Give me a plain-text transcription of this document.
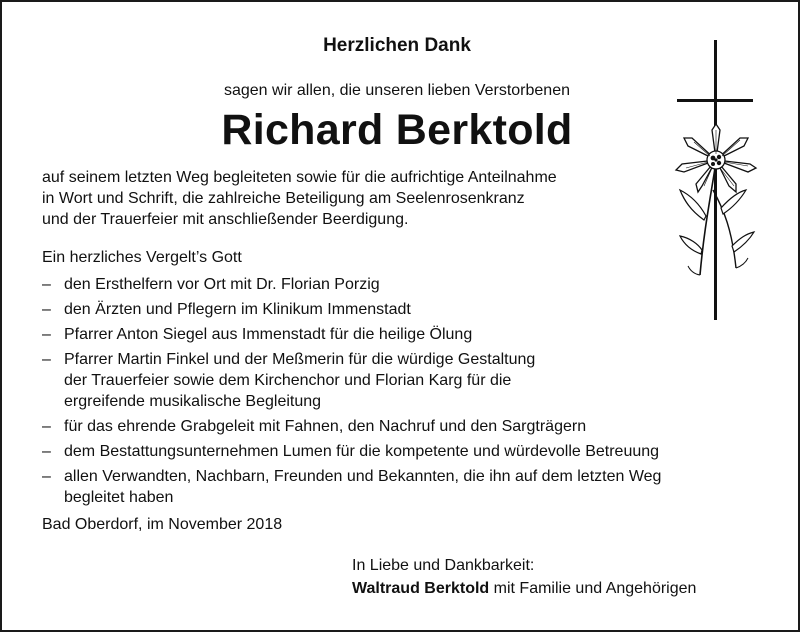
Herzlichen Dank
sagen wir allen, die unseren lieben Verstorbenen
Richard Berktold
auf seinem letzten Weg begleiteten sowie für die aufrichtige Anteilnahme
in Wort und Schrift, die zahlreiche Beteiligung am Seelenrosenkranz
und der Trauerfeier mit anschließender Beerdigung.
Ein herzliches Vergelt’s Gott
– den Ersthelfern vor Ort mit Dr. Florian Porzig
– den Ärzten und Pflegern im Klinikum Immenstadt
– Pfarrer Anton Siegel aus Immenstadt für die heilige Ölung
– Pfarrer Martin Finkel und der Meßmerin für die würdige Gestaltung
der Trauerfeier sowie dem Kirchenchor und Florian Karg für die
ergreifende musikalische Begleitung
– für das ehrende Grabgeleit mit Fahnen, den Nachruf und den Sargträgern
– dem Bestattungsunternehmen Lumen für die kompetente und würdevolle Betreuung
– allen Verwandten, Nachbarn, Freunden und Bekannten, die ihn auf dem letzten Weg
begleitet haben
Bad Oberdorf, im November 2018
In Liebe und Dankbarkeit:
Waltraud Berktold mit Familie und Angehörigen
